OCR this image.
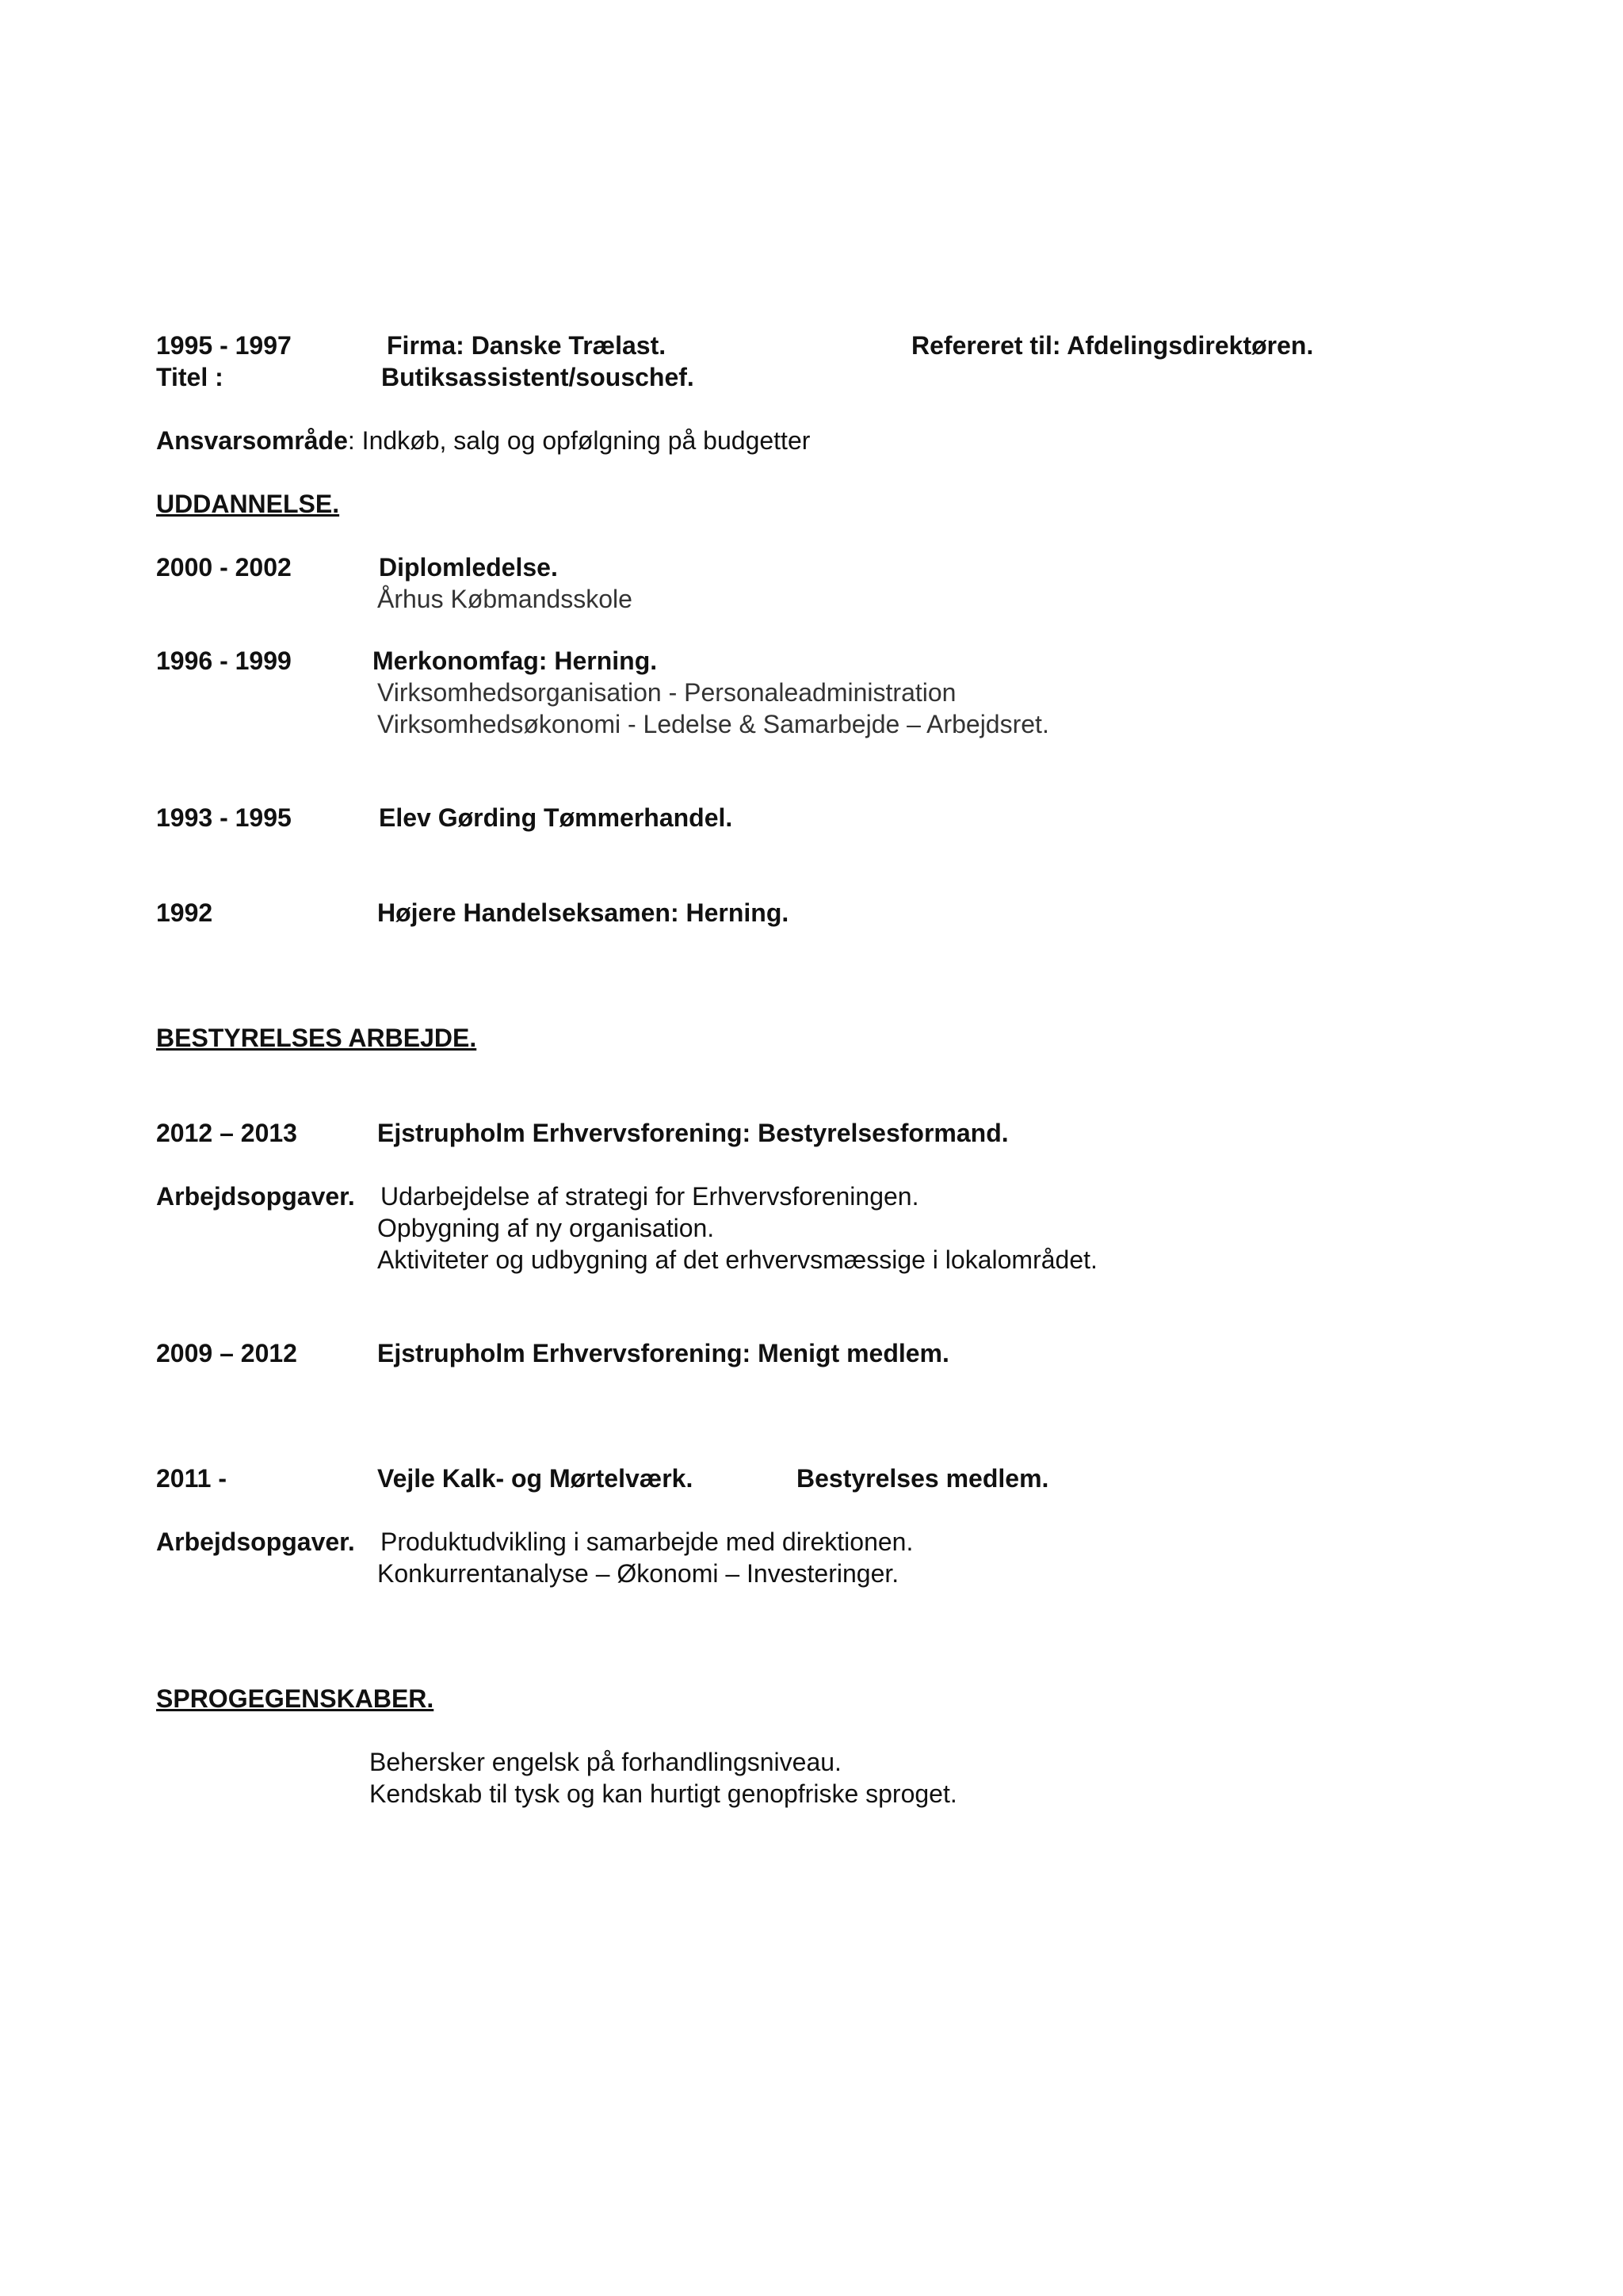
1995 - 1997	Firma: Danske Trælast.	Refereret til: Afdelingsdirektøren.
Titel :	Butiksassistent/souschef.
Ansvarsområde: Indkøb, salg og opfølgning på budgetter
UDDANNELSE.
2000 - 2002	Diplomledelse.
Århus Købmandsskole
1996 - 1999	Merkonomfag: Herning.
Virksomhedsorganisation - Personaleadministration
Virksomhedsøkonomi - Ledelse & Samarbejde – Arbejdsret.
1993 - 1995	Elev Gørding Tømmerhandel.
1992	Højere Handelseksamen: Herning.
BESTYRELSES ARBEJDE.
2012 – 2013	Ejstrupholm Erhvervsforening: Bestyrelsesformand.
Arbejdsopgaver. Udarbejdelse af strategi for Erhvervsforeningen.
Opbygning af ny organisation.
Aktiviteter og udbygning af det erhvervsmæssige i lokalområdet.
2009 – 2012	Ejstrupholm Erhvervsforening: Menigt medlem.
2011 -	Vejle Kalk- og Mørtelværk.	Bestyrelses medlem.
Arbejdsopgaver. Produktudvikling i samarbejde med direktionen.
Konkurrentanalyse – Økonomi – Investeringer.
SPROGEGENSKABER.
Behersker engelsk på forhandlingsniveau.
Kendskab til tysk og kan hurtigt genopfriske sproget.
